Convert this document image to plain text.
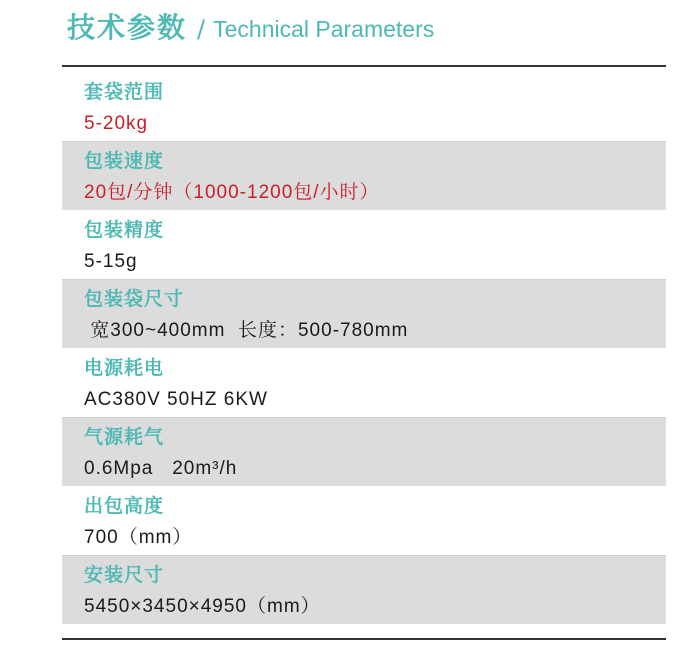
技术参数 / Technical Parameters
套袋范围
5-20kg
包装速度
20包/分钟（1000-1200包/小时）
包装精度
5-15g
包装袋尺寸
宽300~400mm  长度：500-780mm
电源耗电
AC380V 50HZ 6KW
气源耗气
0.6Mpa   20m³/h
出包高度
700（mm）
安装尺寸
5450×3450×4950（mm）
